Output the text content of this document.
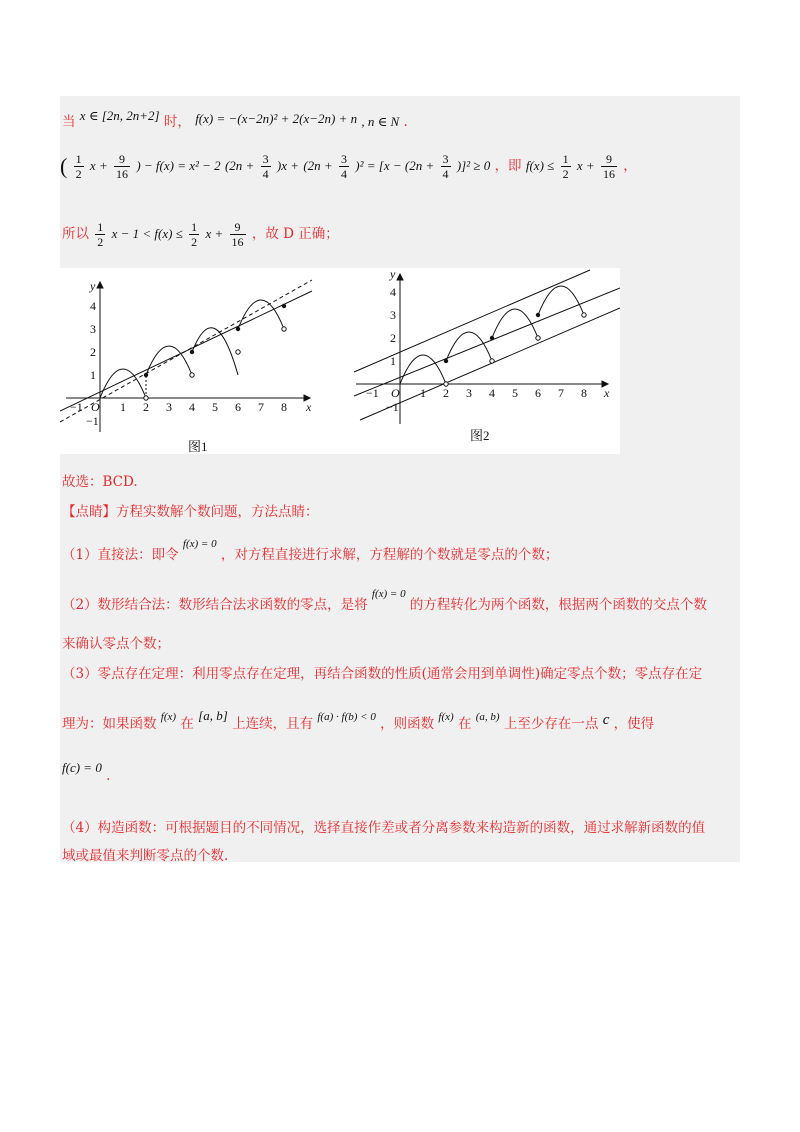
当 x ∈ [2n, 2n+2] 时， f(x) = −(x−2n)² + 2(x−2n) + n , n ∈ N .
( $\frac{1}{2}$ $x + \frac{9}{16}$ ) − f(x) = x² − 2 $(2n + \frac{3}{4} )x + (2n + \frac{3}{4} )^2 = [x - (2n + \frac{3}{4} )]^2 \ge 0$ ，即 $f(x) \le \frac{1}{2}$ $x + \frac{9}{16}$ ，
所以 $\frac{1}{2}$ $x - 1 < f(x) \le \frac{1}{2}$ $x + \frac{9}{16}$ ，故 D 正确；
−1	1 2 3 4 5 6 7 8 x
4
3
2
1
−1
y
O
图1
−1	1 2 3 4 5 6 7 8 x
4
3
2
1
−1
y
O
图2
故选：BCD.
【点睛】方程实数解个数问题，方法点睛：
（1）直接法：即令 $^{f(x) = 0}$ ，对方程直接进行求解，方程解的个数就是零点的个数；
（2）数形结合法：数形结合法求函数的零点，是将 $^{f(x) = 0}$ 的方程转化为两个函数，根据两个函数的交点个数
来确认零点个数；
（3）零点存在定理：利用零点存在定理，再结合函数的性质(通常会用到单调性)确定零点个数；零点存在定
理为：如果函数 $^{f(x)}$ 在 [a, b] 上连续，且有 $^{f(a) \cdot f(b) < 0}$ ，则函数 $^{f(x)}$ 在 $^{(a, b)}$ 上至少存在一点 c ，使得
f(c) = 0 .
（4）构造函数：可根据题目的不同情况，选择直接作差或者分离参数来构造新的函数，通过求解新函数的值
域或最值来判断零点的个数.
